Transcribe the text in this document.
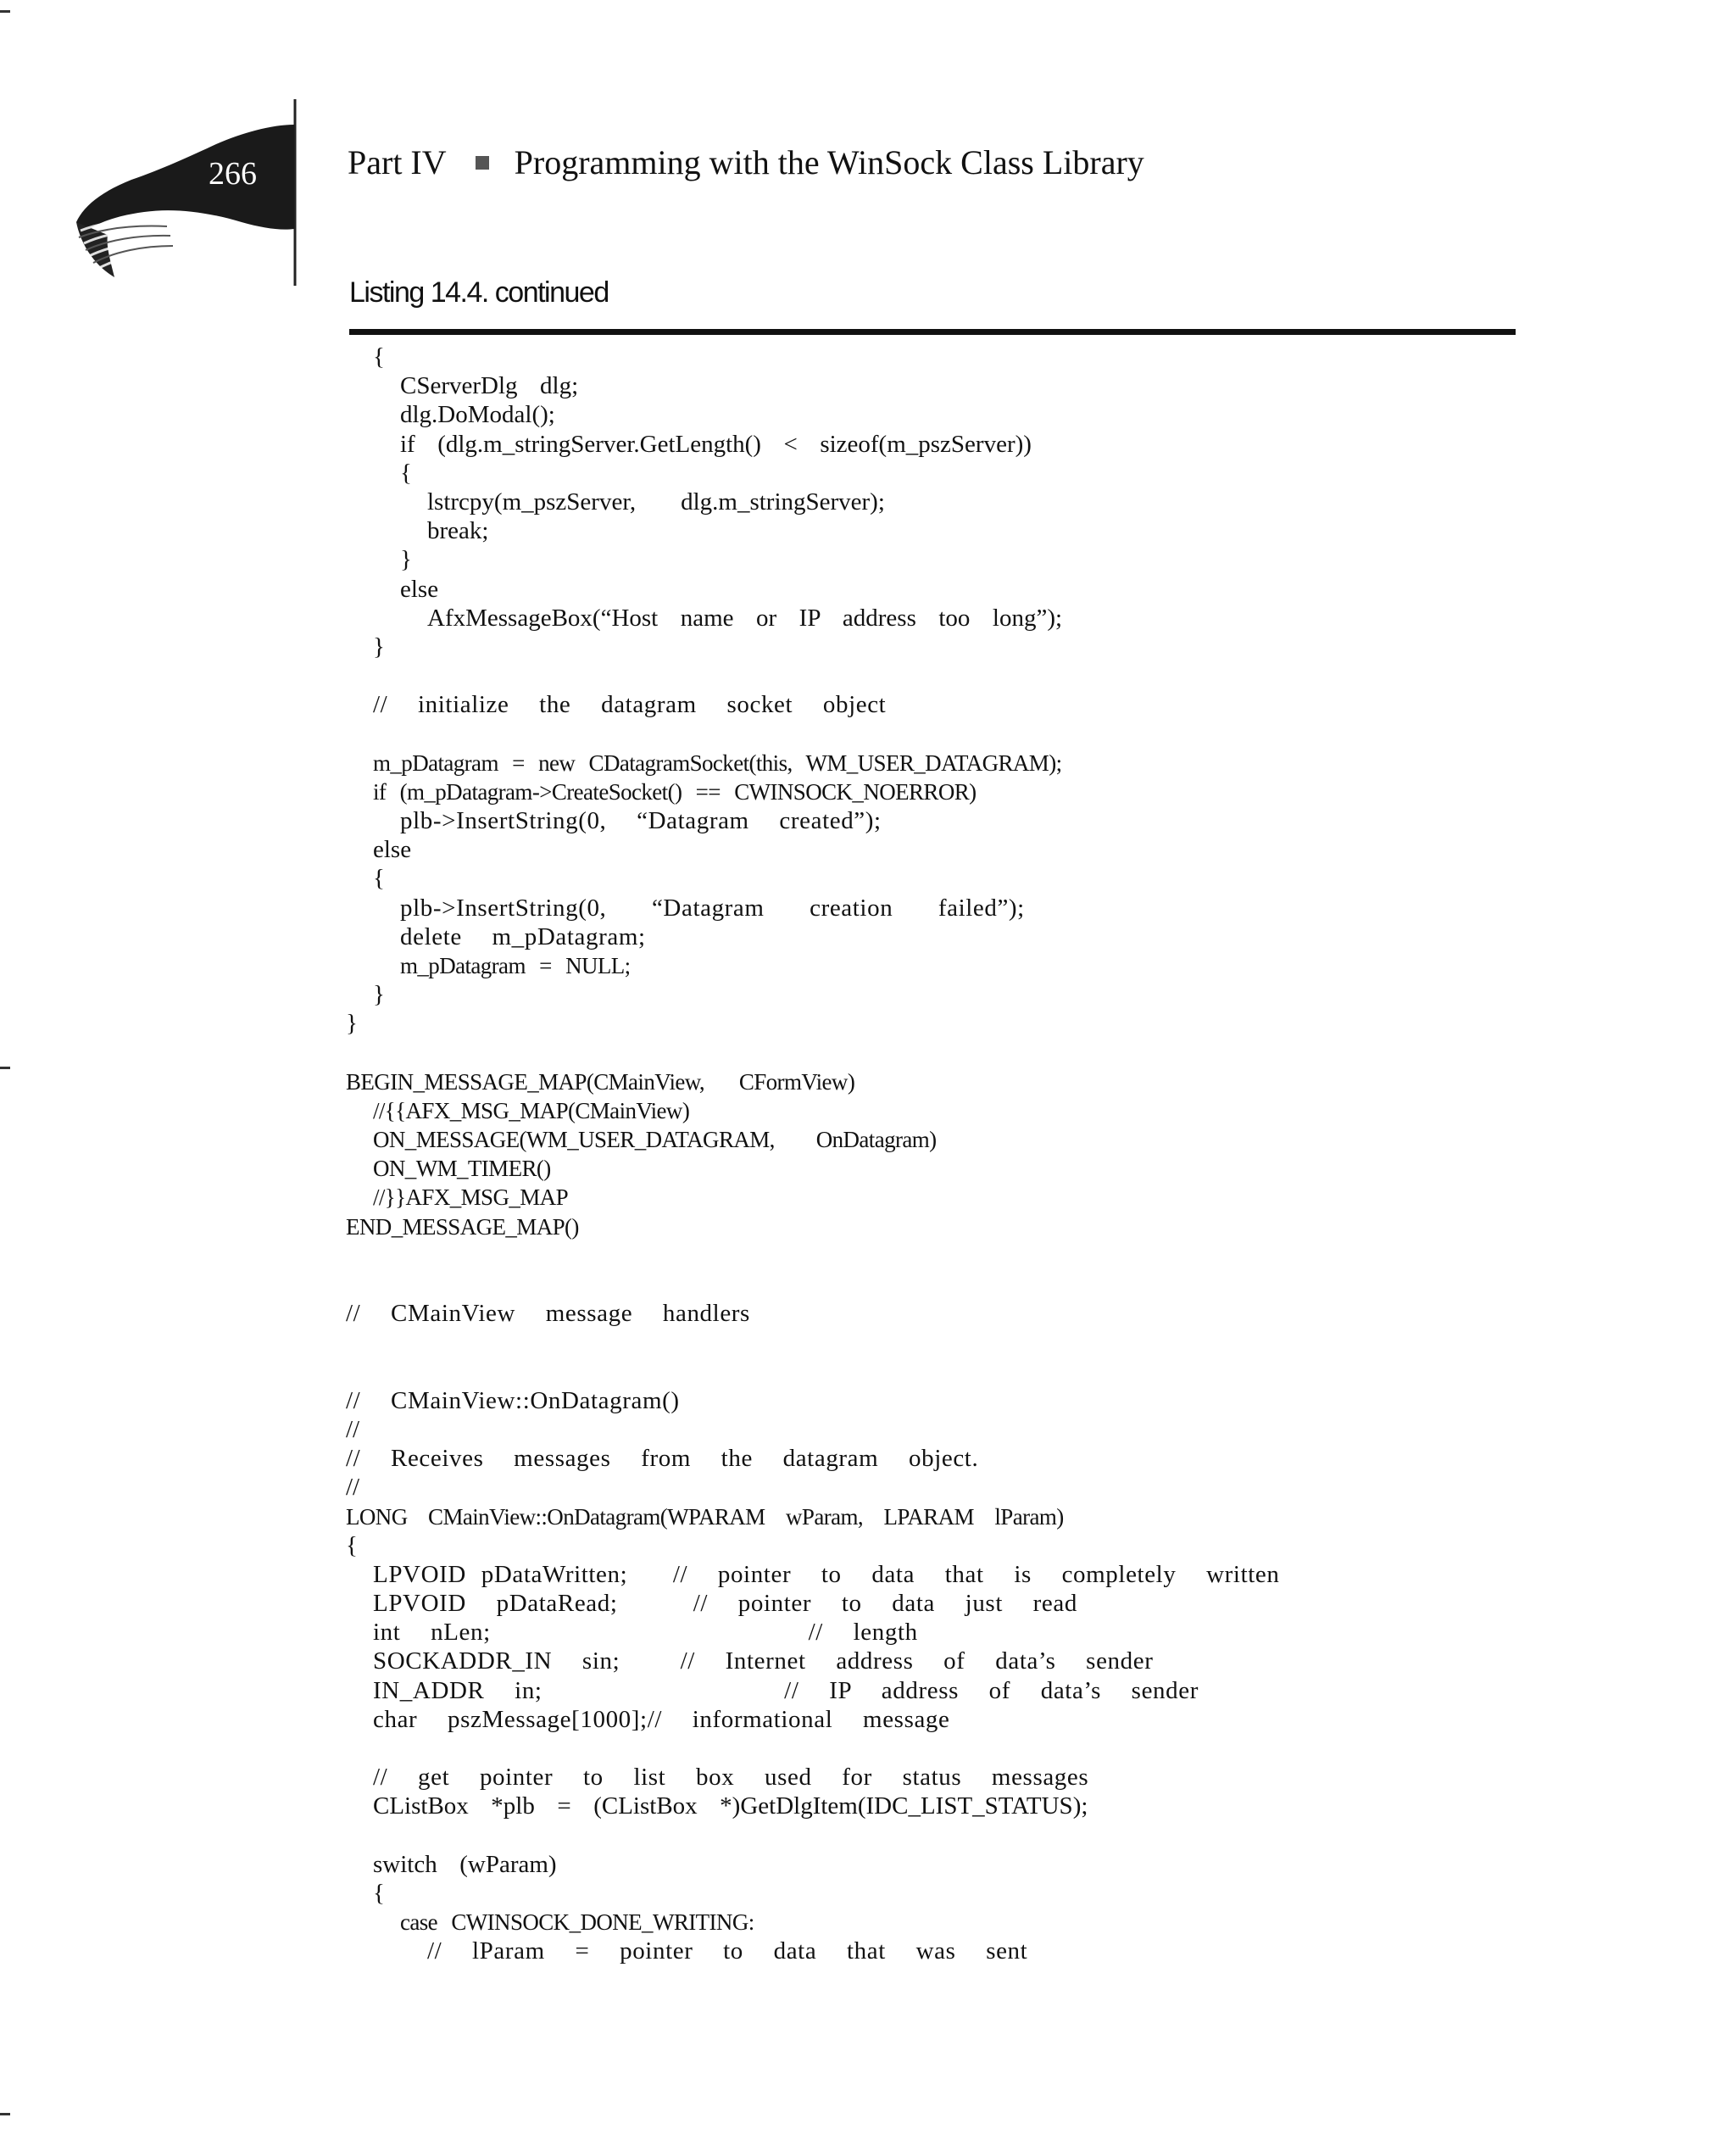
266	Part IV Programming with the WinSock Class Library
Listing 14.4. continued
{
CServerDlg  dlg;
dlg.DoModal();
if  (dlg.m_stringServer.GetLength()  <  sizeof(m_pszServer))
{
lstrcpy(m_pszServer,    dlg.m_stringServer);
break;
}
else
AfxMessageBox(“Host  name  or  IP  address  too  long”);
}
//  initialize  the  datagram  socket  object
m_pDatagram  =  new  CDatagramSocket(this,  WM_USER_DATAGRAM);
if  (m_pDatagram->CreateSocket()  ==  CWINSOCK_NOERROR)
plb->InsertString(0,  “Datagram  created”);
else
{
plb->InsertString(0,   “Datagram   creation   failed”);
delete  m_pDatagram;
m_pDatagram  =  NULL;
}
}
BEGIN_MESSAGE_MAP(CMainView,     CFormView)
//{{AFX_MSG_MAP(CMainView)
ON_MESSAGE(WM_USER_DATAGRAM,      OnDatagram)
ON_WM_TIMER()
//}}AFX_MSG_MAP
END_MESSAGE_MAP()
//  CMainView  message  handlers
//  CMainView::OnDatagram()
//
//  Receives  messages  from  the  datagram  object.
//
LONG   CMainView::OnDatagram(WPARAM   wParam,   LPARAM   lParam)
{
LPVOID pDataWritten;   //  pointer  to  data  that  is  completely  written
LPVOID  pDataRead;     //  pointer  to  data  just  read
int  nLen;                     //  length
SOCKADDR_IN  sin;    //  Internet  address  of  data’s  sender
IN_ADDR  in;                //  IP  address  of  data’s  sender
char  pszMessage[1000];//  informational  message
//  get  pointer  to  list  box  used  for  status  messages
CListBox  *plb  =  (CListBox  *)GetDlgItem(IDC_LIST_STATUS);
switch  (wParam)
{
case  CWINSOCK_DONE_WRITING:
//  lParam  =  pointer  to  data  that  was  sent
